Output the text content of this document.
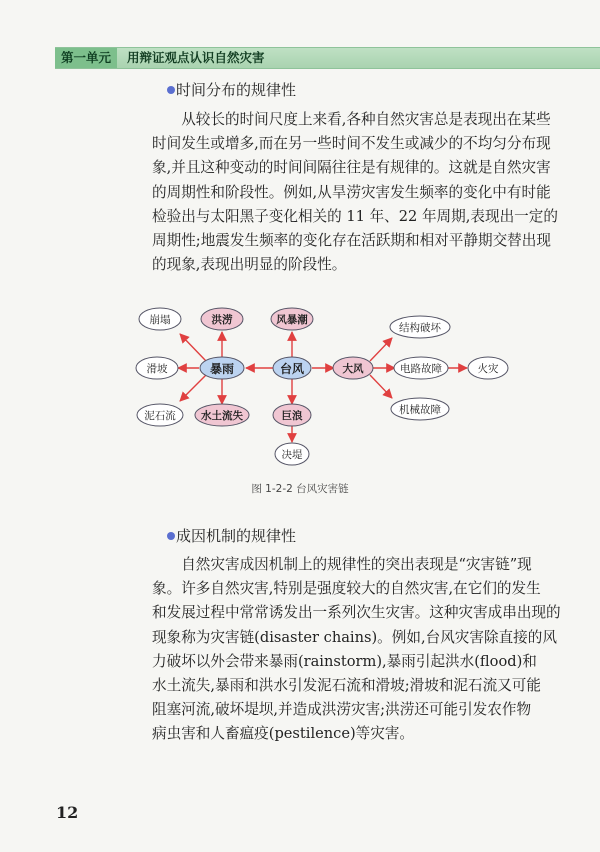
第一单元	用辩证观点认识自然灾害
时间分布的规律性
从较长的时间尺度上来看,各种自然灾害总是表现出在某些
时间发生或增多,而在另一些时间不发生或减少的不均匀分布现
象,并且这种变动的时间间隔往往是有规律的。这就是自然灾害
的周期性和阶段性。例如,从旱涝灾害发生频率的变化中有时能
检验出与太阳黑子变化相关的 11 年、22 年周期,表现出一定的
周期性;地震发生频率的变化存在活跃期和相对平静期交替出现
的现象,表现出明显的阶段性。
台风
暴雨	大风
风暴潮
巨浪
洪涝
水土流失
崩塌
滑坡
泥石流
决堤
结构破坏
电路故障	火灾
机械故障
图 1-2-2 台风灾害链
成因机制的规律性
自然灾害成因机制上的规律性的突出表现是“灾害链”现
象。许多自然灾害,特别是强度较大的自然灾害,在它们的发生
和发展过程中常常诱发出一系列次生灾害。这种灾害成串出现的
现象称为灾害链(disaster chains)。例如,台风灾害除直接的风
力破坏以外会带来暴雨(rainstorm),暴雨引起洪水(flood)和
水土流失,暴雨和洪水引发泥石流和滑坡;滑坡和泥石流又可能
阻塞河流,破坏堤坝,并造成洪涝灾害;洪涝还可能引发农作物
病虫害和人畜瘟疫(pestilence)等灾害。
12
